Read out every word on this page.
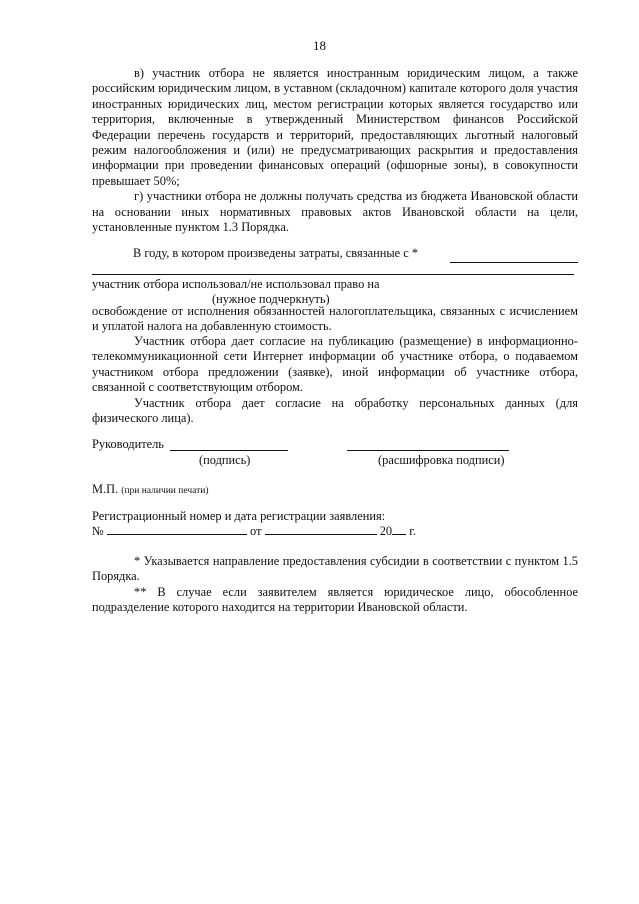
18

в) участник отбора не является иностранным юридическим лицом, а также российским юридическим лицом, в уставном (складочном) капитале которого доля участия иностранных юридических лиц, местом регистрации которых является государство или территория, включенные в утвержденный Министерством финансов Российской Федерации перечень государств и территорий, предоставляющих льготный налоговый режим налогообложения и (или) не предусматривающих раскрытия и предоставления информации при проведении финансовых операций (офшорные зоны), в совокупности превышает 50%;

г) участники отбора не должны получать средства из бюджета Ивановской области на основании иных нормативных правовых актов Ивановской области на цели, установленные пунктом 1.3 Порядка.

В году, в котором произведены затраты, связанные с *
участник отбора использовал/не использовал право на
(нужное подчеркнуть)
освобождение от исполнения обязанностей налогоплательщика, связанных с исчислением и уплатой налога на добавленную стоимость.

Участник отбора дает согласие на публикацию (размещение) в информационно-телекоммуникационной сети Интернет информации об участнике отбора, о подаваемом участником отбора предложении (заявке), иной информации об участнике отбора, связанной с соответствующим отбором.

Участник отбора дает согласие на обработку персональных данных (для физического лица).

Руководитель
(подпись)	(расшифровка подписи)
М.П. (при наличии печати)
Регистрационный номер и дата регистрации заявления:
№	от	20 г.

* Указывается направление предоставления субсидии в соответствии с пунктом 1.5 Порядка.

** В случае если заявителем является юридическое лицо, обособленное подразделение которого находится на территории Ивановской области.
